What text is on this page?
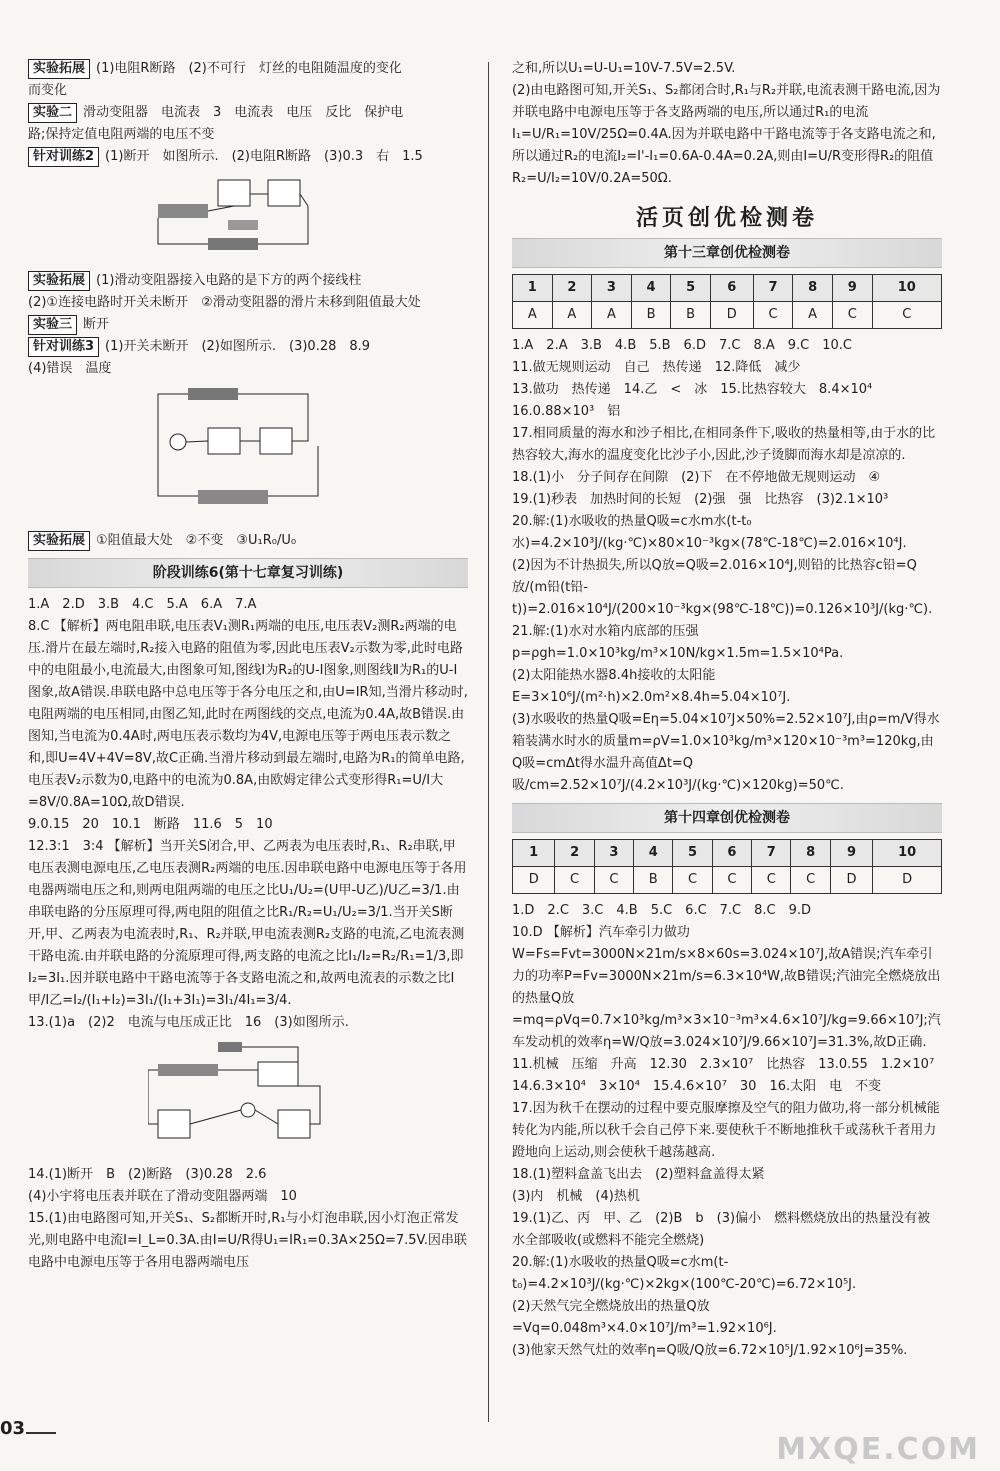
实验拓展 (1)电阻R断路　(2)不可行　灯丝的电阻随温度的变化
而变化
实验二 滑动变阻器　电流表　3　电流表　电压　反比　保护电
路;保持定值电阻两端的电压不变
针对训练2 (1)断开　如图所示.　(2)电阻R断路　(3)0.3　右　1.5
实验拓展 (1)滑动变阻器接入电路的是下方的两个接线柱
(2)①连接电路时开关未断开　②滑动变阻器的滑片未移到阻值最大处
实验三 断开
针对训练3 (1)开关未断开　(2)如图所示.　(3)0.28　8.9
(4)错误　温度
实验拓展 ①阻值最大处　②不变　③U₁R₀/U₀
阶段训练6(第十七章复习训练)
1.A　2.D　3.B　4.C　5.A　6.A　7.A
8.C 【解析】两电阻串联,电压表V₁测R₁两端的电压,电压表V₂测R₂两端的电压.滑片在最左端时,R₂接入电路的阻值为零,因此电压表V₂示数为零,此时电路中的电阻最小,电流最大,由图象可知,图线Ⅰ为R₂的U-I图象,则图线Ⅱ为R₁的U-I图象,故A错误.串联电路中总电压等于各分电压之和,由U=IR知,当滑片移动时,电阻两端的电压相同,由图乙知,此时在两图线的交点,电流为0.4A,故B错误.由图知,当电流为0.4A时,两电压表示数均为4V,电源电压等于两电压表示数之和,即U=4V+4V=8V,故C正确.当滑片移动到最左端时,电路为R₁的简单电路,电压表V₂示数为0,电路中的电流为0.8A,由欧姆定律公式变形得R₁=U/I大=8V/0.8A=10Ω,故D错误.
9.0.15　20　10.1　断路　11.6　5　10
12.3:1　3:4 【解析】当开关S闭合,甲、乙两表为电压表时,R₁、R₂串联,甲电压表测电源电压,乙电压表测R₂两端的电压.因串联电路中电源电压等于各用电器两端电压之和,则两电阻两端的电压之比U₁/U₂=(U甲-U乙)/U乙=3/1.由串联电路的分压原理可得,两电阻的阻值之比R₁/R₂=U₁/U₂=3/1.当开关S断开,甲、乙两表为电流表时,R₁、R₂并联,甲电流表测R₂支路的电流,乙电流表测干路电流.由并联电路的分流原理可得,两支路的电流之比I₁/I₂=R₂/R₁=1/3,即I₂=3I₁.因并联电路中干路电流等于各支路电流之和,故两电流表的示数之比I甲/I乙=I₂/(I₁+I₂)=3I₁/(I₁+3I₁)=3I₁/4I₁=3/4.
13.(1)a　(2)2　电流与电压成正比　16　(3)如图所示.
14.(1)断开　B　(2)断路　(3)0.28　2.6
(4)小宇将电压表并联在了滑动变阻器两端　10
15.(1)由电路图可知,开关S₁、S₂都断开时,R₁与小灯泡串联,因小灯泡正常发光,则电路中电流I=I_L=0.3A.由I=U/R得U₁=IR₁=0.3A×25Ω=7.5V.因串联电路中电源电压等于各用电器两端电压
之和,所以U₁=U-U₁=10V-7.5V=2.5V.
(2)由电路图可知,开关S₁、S₂都闭合时,R₁与R₂并联,电流表测干路电流,因为并联电路中电源电压等于各支路两端的电压,所以通过R₁的电流I₁=U/R₁=10V/25Ω=0.4A.因为并联电路中干路电流等于各支路电流之和,所以通过R₂的电流I₂=I'-I₁=0.6A-0.4A=0.2A,则由I=U/R变形得R₂的阻值R₂=U/I₂=10V/0.2A=50Ω.
活页创优检测卷
第十三章创优检测卷
1	2	3	4	5	6	7	8	9	10
A	A	A	B	B	D	C	A	C	C
1.A　2.A　3.B　4.B　5.B　6.D　7.C　8.A　9.C　10.C
11.做无规则运动　自己　热传递　12.降低　减少
13.做功　热传递　14.乙　<　冰　15.比热容较大　8.4×10⁴
16.0.88×10³　铝
17.相同质量的海水和沙子相比,在相同条件下,吸收的热量相等,由于水的比热容较大,海水的温度变化比沙子小,因此,沙子烫脚而海水却是凉凉的.
18.(1)小　分子间存在间隙　(2)下　在不停地做无规则运动　④
19.(1)秒表　加热时间的长短　(2)强　强　比热容　(3)2.1×10³
20.解:(1)水吸收的热量Q吸=c水m水(t-t₀水)=4.2×10³J/(kg·℃)×80×10⁻³kg×(78℃-18℃)=2.016×10⁴J.
(2)因为不计热损失,所以Q放=Q吸=2.016×10⁴J,则铅的比热容c铅=Q放/(m铅(t铅-t))=2.016×10⁴J/(200×10⁻³kg×(98℃-18℃))=0.126×10³J/(kg·℃).
21.解:(1)水对水箱内底部的压强p=ρgh=1.0×10³kg/m³×10N/kg×1.5m=1.5×10⁴Pa.
(2)太阳能热水器8.4h接收的太阳能E=3×10⁶J/(m²·h)×2.0m²×8.4h=5.04×10⁷J.
(3)水吸收的热量Q吸=Eη=5.04×10⁷J×50%=2.52×10⁷J,由ρ=m/V得水箱装满水时水的质量m=ρV=1.0×10³kg/m³×120×10⁻³m³=120kg,由Q吸=cmΔt得水温升高值Δt=Q吸/cm=2.52×10⁷J/(4.2×10³J/(kg·℃)×120kg)=50℃.
第十四章创优检测卷
1	2	3	4	5	6	7	8	9	10
D	C	C	B	C	C	C	C	D	D
1.D　2.C　3.C　4.B　5.C　6.C　7.C　8.C　9.D
10.D 【解析】汽车牵引力做功W=Fs=Fvt=3000N×21m/s×8×60s=3.024×10⁷J,故A错误;汽车牵引力的功率P=Fv=3000N×21m/s=6.3×10⁴W,故B错误;汽油完全燃烧放出的热量Q放=mq=ρVq=0.7×10³kg/m³×3×10⁻³m³×4.6×10⁷J/kg=9.66×10⁷J;汽车发动机的效率η=W/Q放=3.024×10⁷J/9.66×10⁷J=31.3%,故D正确.
11.机械　压缩　升高　12.30　2.3×10⁷　比热容　13.0.55　1.2×10⁷
14.6.3×10⁴　3×10⁴　15.4.6×10⁷　30　16.太阳　电　不变
17.因为秋千在摆动的过程中要克服摩擦及空气的阻力做功,将一部分机械能转化为内能,所以秋千会自己停下来.要使秋千不断地推秋千或荡秋千者用力蹬地向上运动,则会使秋千越荡越高.
18.(1)塑料盒盖飞出去　(2)塑料盒盖得太紧
(3)内　机械　(4)热机
19.(1)乙、丙　甲、乙　(2)B　b　(3)偏小　燃料燃烧放出的热量没有被水全部吸收(或燃料不能完全燃烧)
20.解:(1)水吸收的热量Q吸=c水m(t-t₀)=4.2×10³J/(kg·℃)×2kg×(100℃-20℃)=6.72×10⁵J.
(2)天然气完全燃烧放出的热量Q放=Vq=0.048m³×4.0×10⁷J/m³=1.92×10⁶J.
(3)他家天然气灶的效率η=Q吸/Q放=6.72×10⁵J/1.92×10⁶J=35%.
03
MXQE.COM
